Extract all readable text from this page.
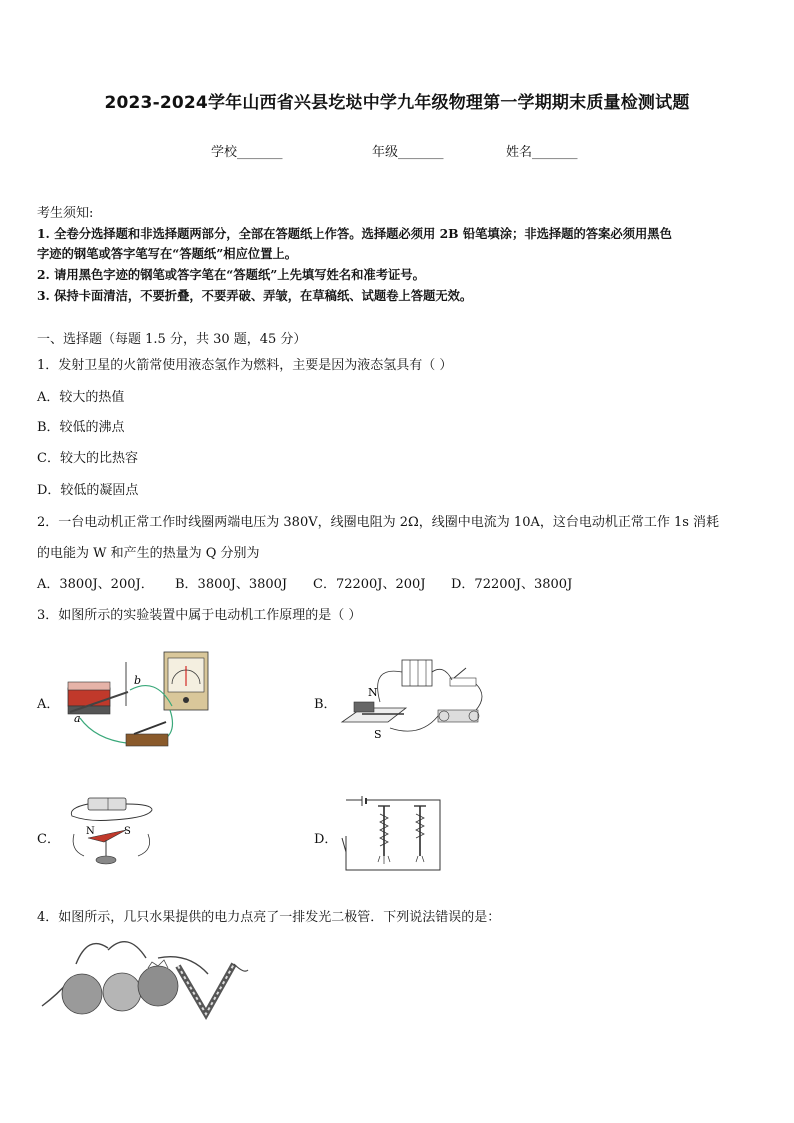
2023-2024学年山西省兴县圪垯中学九年级物理第一学期期末质量检测试题
学校_______	年级_______	姓名_______
考生须知:
1. 全卷分选择题和非选择题两部分，全部在答题纸上作答。选择题必须用 2B 铅笔填涂；非选择题的答案必须用黑色
字迹的钢笔或答字笔写在“答题纸”相应位置上。
2. 请用黑色字迹的钢笔或答字笔在“答题纸”上先填写姓名和准考证号。
3. 保持卡面清洁，不要折叠，不要弄破、弄皱，在草稿纸、试题卷上答题无效。
一、选择题（每题 1.5 分，共 30 题，45 分）
1．发射卫星的火箭常使用液态氢作为燃料，主要是因为液态氢具有（ ）
A．较大的热值
B．较低的沸点
C．较大的比热容
D．较低的凝固点
2．一台电动机正常工作时线圈两端电压为 380V，线圈电阻为 2Ω，线圈中电流为 10A，这台电动机正常工作 1s 消耗
的电能为 W 和产生的热量为 Q 分别为
A．3800J、200J． B．3800J、3800J C．72200J、200J D．72200J、3800J
3．如图所示的实验装置中属于电动机工作原理的是（ ）
A．
a
b
B．
N
S
C．
N	S
D．
4．如图所示，几只水果提供的电力点亮了一排发光二极管．下列说法错误的是：
